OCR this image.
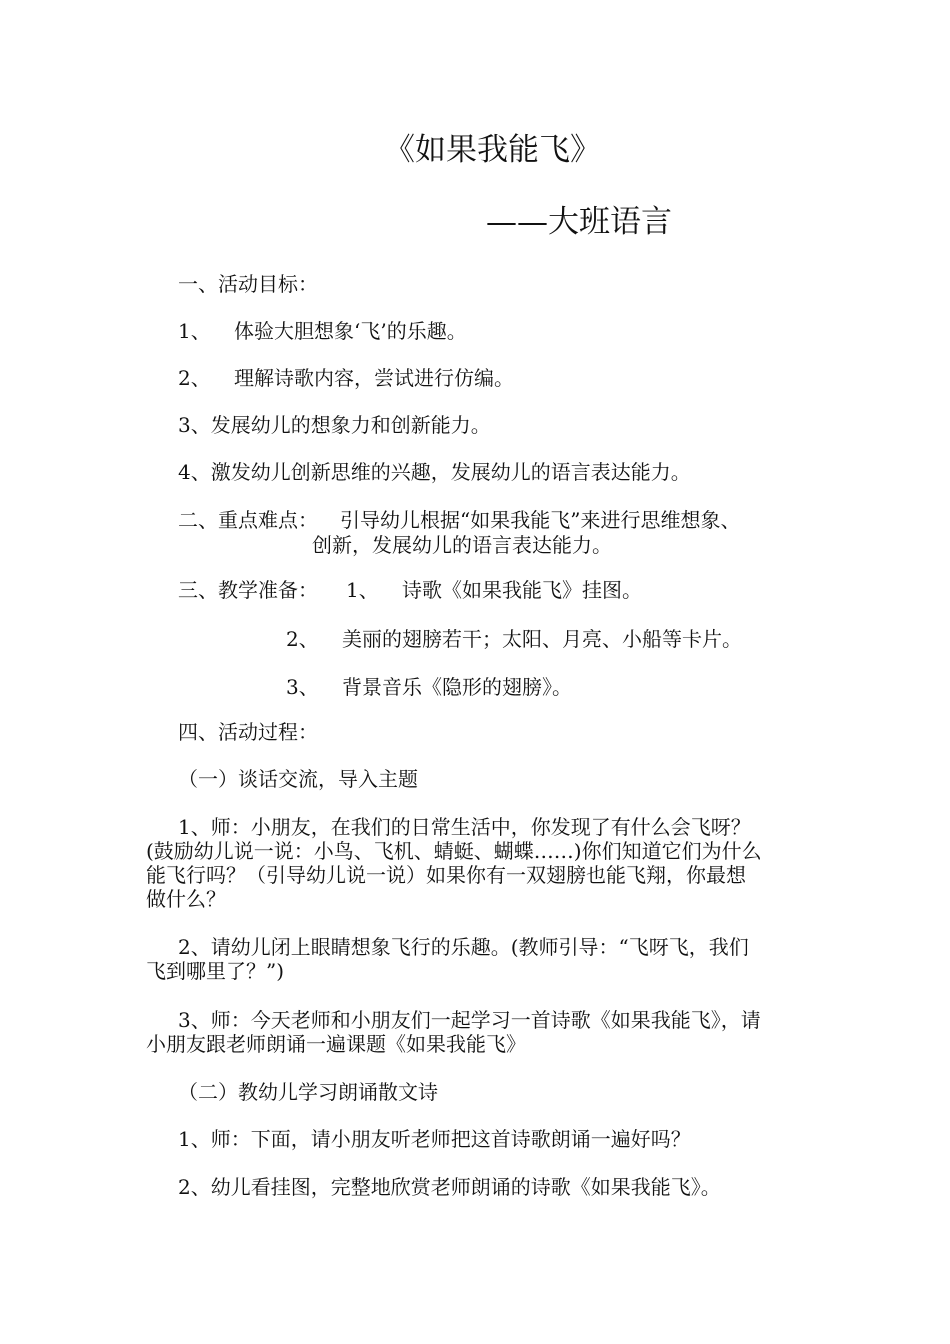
《如果我能飞》
——大班语言
一、活动目标：
1、 体验大胆想象‘飞’的乐趣。
2、 理解诗歌内容，尝试进行仿编。
3、发展幼儿的想象力和创新能力。
4、激发幼儿创新思维的兴趣，发展幼儿的语言表达能力。
二、重点难点： 引导幼儿根据“如果我能飞”来进行思维想象、
创新，发展幼儿的语言表达能力。
三、教学准备： 1、 诗歌《如果我能飞》挂图。
2、 美丽的翅膀若干；太阳、月亮、小船等卡片。
3、 背景音乐《隐形的翅膀》。
四、活动过程：
（一）谈话交流，导入主题
1、师：小朋友，在我们的日常生活中，你发现了有什么会飞呀？
(鼓励幼儿说一说：小鸟、飞机、蜻蜓、蝴蝶……)你们知道它们为什么
能飞行吗？（引导幼儿说一说）如果你有一双翅膀也能飞翔，你最想
做什么？
2、请幼儿闭上眼睛想象飞行的乐趣。(教师引导：“飞呀飞，我们
飞到哪里了？”)
3、师：今天老师和小朋友们一起学习一首诗歌《如果我能飞》，请
小朋友跟老师朗诵一遍课题《如果我能飞》
（二）教幼儿学习朗诵散文诗
1、师：下面，请小朋友听老师把这首诗歌朗诵一遍好吗？
2、幼儿看挂图，完整地欣赏老师朗诵的诗歌《如果我能飞》。
